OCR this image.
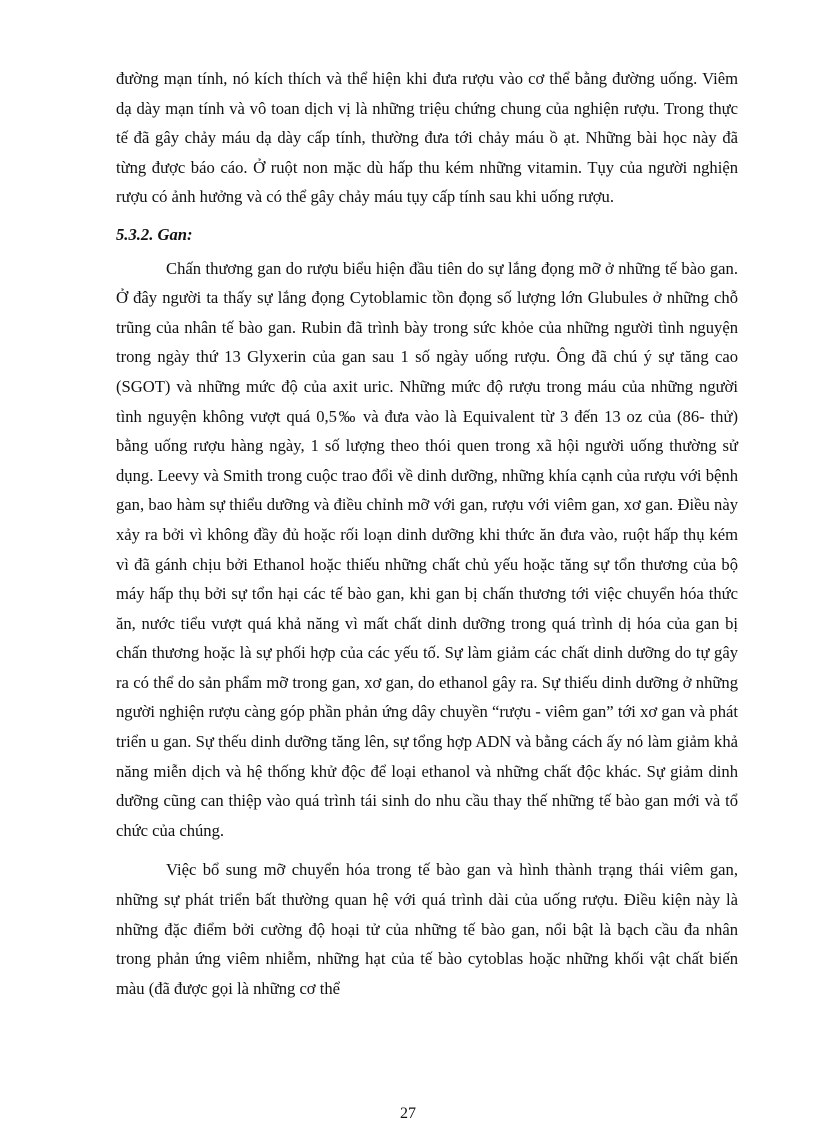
đường mạn tính, nó kích thích và thể hiện khi đưa rượu vào cơ thể bằng đường uống. Viêm dạ dày mạn tính và vô toan dịch vị là những triệu chứng chung của nghiện rượu. Trong thực tế đã gây chảy máu dạ dày cấp tính, thường đưa tới chảy máu ồ ạt. Những bài học này đã từng được báo cáo. Ở ruột non mặc dù hấp thu kém những vitamin. Tụy của người nghiện rượu có ảnh hưởng và có thể gây chảy máu tụy cấp tính sau khi uống rượu.

5.3.2. Gan:

Chấn thương gan do rượu biểu hiện đầu tiên do sự lắng đọng mỡ ở những tế bào gan. Ở đây người ta thấy sự lắng đọng Cytoblamic tồn đọng số lượng lớn Glubules ở những chỗ trũng của nhân tế bào gan. Rubin đã trình bày trong sức khỏe của những người tình nguyện trong ngày thứ 13 Glyxerin của gan sau 1 số ngày uống rượu. Ông đã chú ý sự tăng cao (SGOT) và những mức độ của axit uric. Những mức độ rượu trong máu của những người tình nguyện không vượt quá 0,5‰ và đưa vào là Equivalent từ 3 đến 13 oz của (86- thử) bằng uống rượu hàng ngày, 1 số lượng theo thói quen trong xã hội người uống thường sử dụng. Leevy và Smith trong cuộc trao đổi về dinh dưỡng, những khía cạnh của rượu với bệnh gan, bao hàm sự thiểu dưỡng và điều chỉnh mỡ với gan, rượu với viêm gan, xơ gan. Điều này xảy ra bởi vì không đầy đủ hoặc rối loạn dinh dưỡng khi thức ăn đưa vào, ruột hấp thụ kém vì đã gánh chịu bởi Ethanol hoặc thiếu những chất chủ yếu hoặc tăng sự tổn thương của bộ máy hấp thụ bởi sự tổn hại các tế bào gan, khi gan bị chấn thương tới việc chuyển hóa thức ăn, nước tiểu vượt quá khả năng vì mất chất dinh dưỡng trong quá trình dị hóa của gan bị chấn thương hoặc là sự phối hợp của các yếu tố. Sự làm giảm các chất dinh dưỡng do tự gây ra có thể do sản phẩm mỡ trong gan, xơ gan, do ethanol gây ra. Sự thiếu dinh dưỡng ở những người nghiện rượu càng góp phần phản ứng dây chuyền “rượu - viêm gan” tới xơ gan và phát triển u gan. Sự thếu dinh dưỡng tăng lên, sự tổng hợp ADN và bằng cách ấy nó làm giảm khả năng miễn dịch và hệ thống khử độc để loại ethanol và những chất độc khác. Sự giảm dinh dưỡng cũng can thiệp vào quá trình tái sinh do nhu cầu thay thế những tế bào gan mới và tổ chức của chúng.

Việc bổ sung mỡ chuyển hóa trong tế bào gan và hình thành trạng thái viêm gan, những sự phát triển bất thường quan hệ với quá trình dài của uống rượu. Điều kiện này là những đặc điểm bởi cường độ hoại tử của những tế bào gan, nổi bật là bạch cầu đa nhân trong phản ứng viêm nhiễm, những hạt của tế bào cytoblas hoặc những khối vật chất biến màu (đã được gọi là những cơ thể

27
